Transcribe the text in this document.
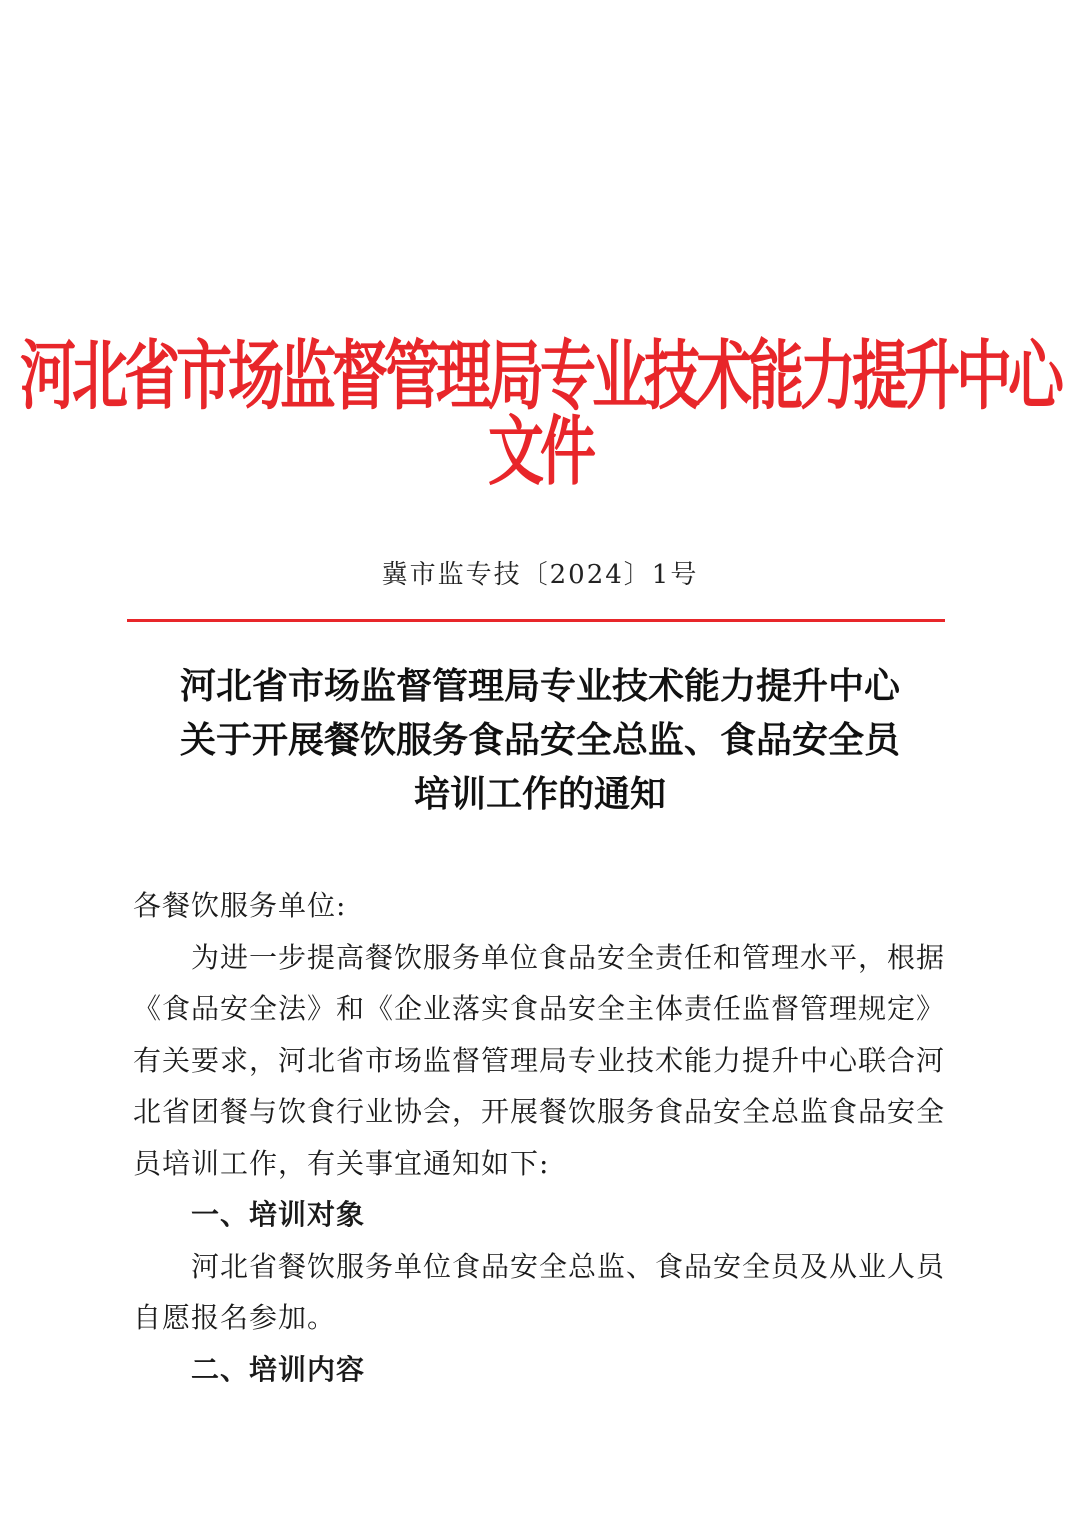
河北省市场监督管理局专业技术能力提升中心文件
冀市监专技〔2024〕1号
河北省市场监督管理局专业技术能力提升中心
关于开展餐饮服务食品安全总监、食品安全员
培训工作的通知

各餐饮服务单位:

为进一步提高餐饮服务单位食品安全责任和管理水平，根据《食品安全法》和《企业落实食品安全主体责任监督管理规定》有关要求，河北省市场监督管理局专业技术能力提升中心联合河北省团餐与饮食行业协会，开展餐饮服务食品安全总监食品安全员培训工作，有关事宜通知如下:

一、培训对象

河北省餐饮服务单位食品安全总监、食品安全员及从业人员自愿报名参加。

二、培训内容
